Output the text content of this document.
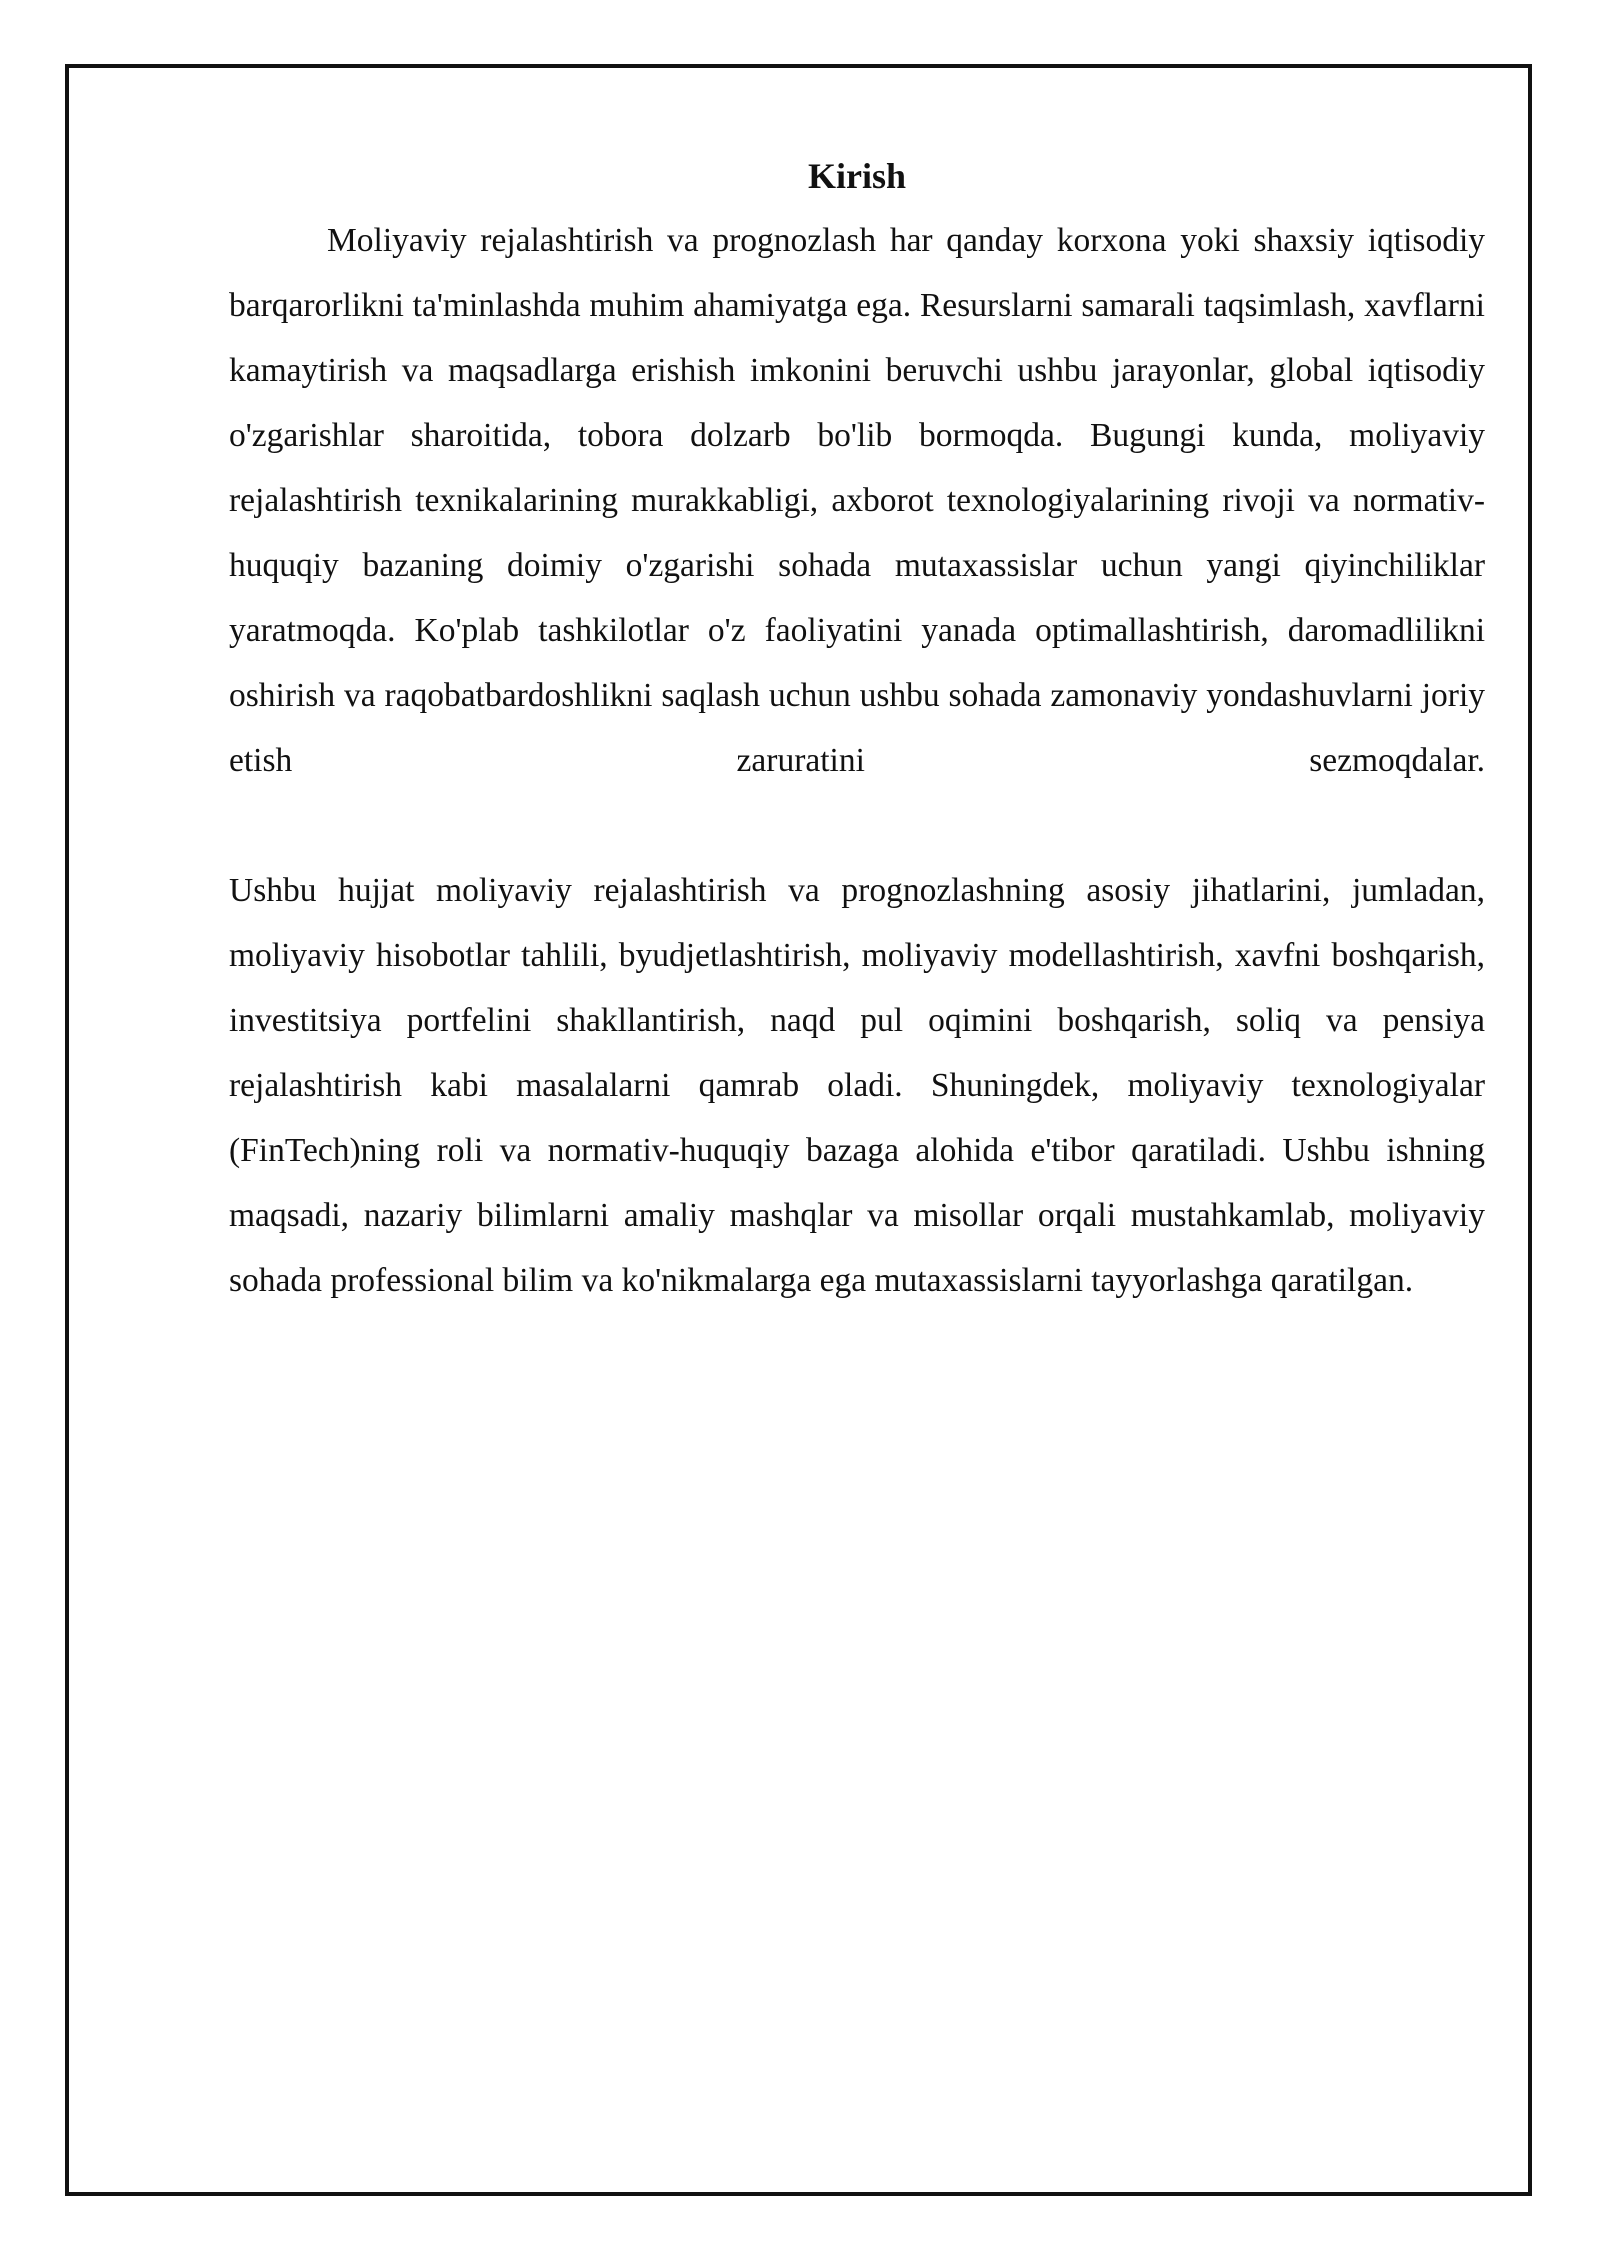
Kirish

Moliyaviy rejalashtirish va prognozlash har qanday korxona yoki shaxsiy iqtisodiy barqarorlikni ta'minlashda muhim ahamiyatga ega. Resurslarni samarali taqsimlash, xavflarni kamaytirish va maqsadlarga erishish imkonini beruvchi ushbu jarayonlar, global iqtisodiy o'zgarishlar sharoitida, tobora dolzarb bo'lib bormoqda. Bugungi kunda, moliyaviy rejalashtirish texnikalarining murakkabligi, axborot texnologiyalarining rivoji va normativ-huquqiy bazaning doimiy o'zgarishi sohada mutaxassislar uchun yangi qiyinchiliklar yaratmoqda. Ko'plab tashkilotlar o'z faoliyatini yanada optimallashtirish, daromadlilikni oshirish va raqobatbardoshlikni saqlash uchun ushbu sohada zamonaviy yondashuvlarni joriy etish zaruratini sezmoqdalar.

Ushbu hujjat moliyaviy rejalashtirish va prognozlashning asosiy jihatlarini, jumladan, moliyaviy hisobotlar tahlili, byudjetlashtirish, moliyaviy modellashtirish, xavfni boshqarish, investitsiya portfelini shakllantirish, naqd pul oqimini boshqarish, soliq va pensiya rejalashtirish kabi masalalarni qamrab oladi. Shuningdek, moliyaviy texnologiyalar (FinTech)ning roli va normativ-huquqiy bazaga alohida e'tibor qaratiladi. Ushbu ishning maqsadi, nazariy bilimlarni amaliy mashqlar va misollar orqali mustahkamlab, moliyaviy sohada professional bilim va ko'nikmalarga ega mutaxassislarni tayyorlashga qaratilgan.
